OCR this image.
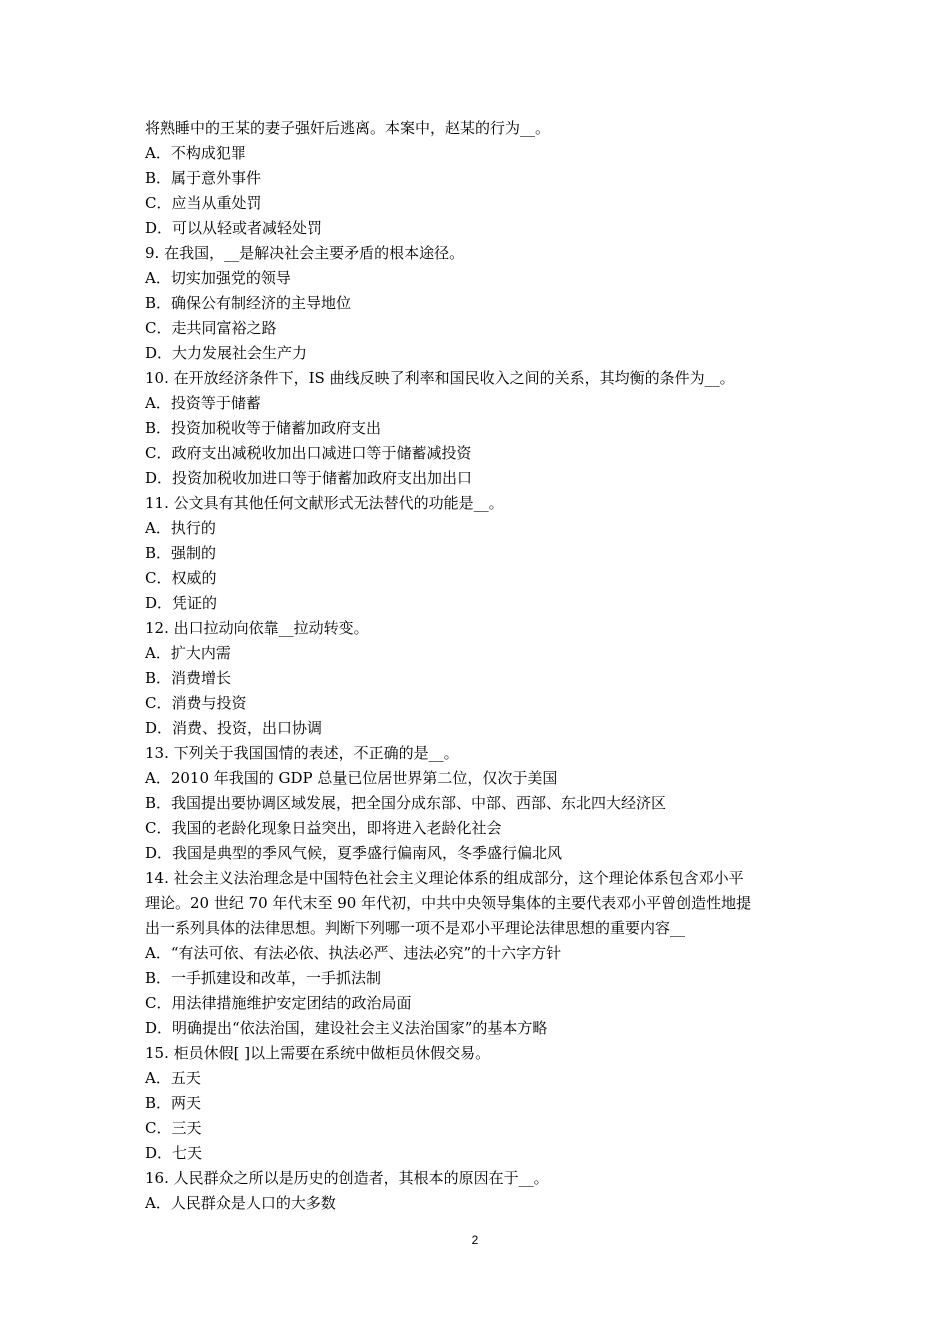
将熟睡中的王某的妻子强奸后逃离。本案中，赵某的行为__。
A．不构成犯罪
B．属于意外事件
C．应当从重处罚
D．可以从轻或者减轻处罚
9. 在我国，__是解决社会主要矛盾的根本途径。
A．切实加强党的领导
B．确保公有制经济的主导地位
C．走共同富裕之路
D．大力发展社会生产力
10. 在开放经济条件下，IS 曲线反映了利率和国民收入之间的关系，其均衡的条件为__。
A．投资等于储蓄
B．投资加税收等于储蓄加政府支出
C．政府支出减税收加出口减进口等于储蓄减投资
D．投资加税收加进口等于储蓄加政府支出加出口
11. 公文具有其他任何文献形式无法替代的功能是__。
A．执行的
B．强制的
C．权威的
D．凭证的
12. 出口拉动向依靠__拉动转变。
A．扩大内需
B．消费增长
C．消费与投资
D．消费、投资，出口协调
13. 下列关于我国国情的表述，不正确的是__。
A．2010 年我国的 GDP 总量已位居世界第二位，仅次于美国
B．我国提出要协调区域发展，把全国分成东部、中部、西部、东北四大经济区
C．我国的老龄化现象日益突出，即将进入老龄化社会
D．我国是典型的季风气候，夏季盛行偏南风，冬季盛行偏北风
14. 社会主义法治理念是中国特色社会主义理论体系的组成部分，这个理论体系包含邓小平
理论。20 世纪 70 年代末至 90 年代初，中共中央领导集体的主要代表邓小平曾创造性地提
出一系列具体的法律思想。判断下列哪一项不是邓小平理论法律思想的重要内容__
A．“有法可依、有法必依、执法必严、违法必究”的十六字方针
B．一手抓建设和改革，一手抓法制
C．用法律措施维护安定团结的政治局面
D．明确提出“依法治国，建设社会主义法治国家”的基本方略
15. 柜员休假[ ]以上需要在系统中做柜员休假交易。
A．五天
B．两天
C．三天
D．七天
16. 人民群众之所以是历史的创造者，其根本的原因在于__。
A．人民群众是人口的大多数
2
